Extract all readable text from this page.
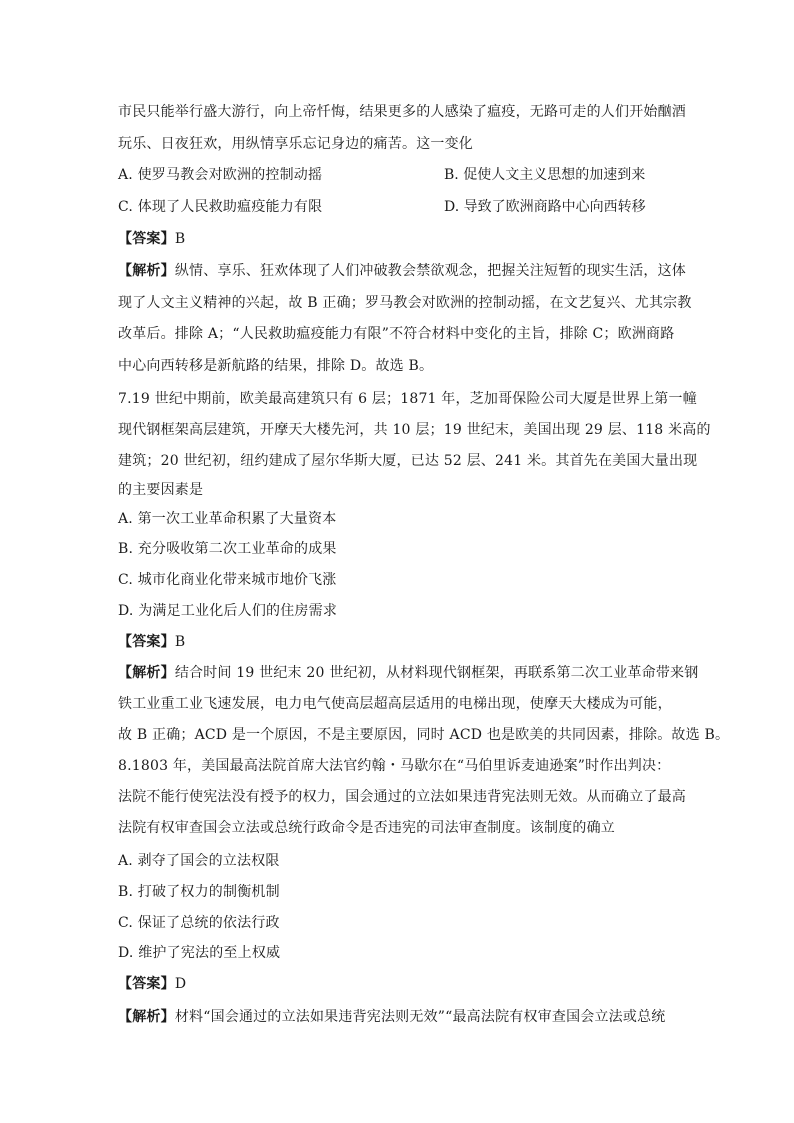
市民只能举行盛大游行，向上帝忏悔，结果更多的人感染了瘟疫，无路可走的人们开始酗酒
玩乐、日夜狂欢，用纵情享乐忘记身边的痛苦。这一变化
A. 使罗马教会对欧洲的控制动摇	B. 促使人文主义思想的加速到来
C. 体现了人民救助瘟疫能力有限	D. 导致了欧洲商路中心向西转移
【答案】B
【解析】纵情、享乐、狂欢体现了人们冲破教会禁欲观念，把握关注短暂的现实生活，这体
现了人文主义精神的兴起，故 B 正确；罗马教会对欧洲的控制动摇，在文艺复兴、尤其宗教
改革后。排除 A；“人民救助瘟疫能力有限”不符合材料中变化的主旨，排除 C；欧洲商路
中心向西转移是新航路的结果，排除 D。故选 B。
7.19 世纪中期前，欧美最高建筑只有 6 层；1871 年，芝加哥保险公司大厦是世界上第一幢
现代钢框架高层建筑，开摩天大楼先河，共 10 层；19 世纪末，美国出现 29 层、118 米高的
建筑；20 世纪初，纽约建成了屋尔华斯大厦，已达 52 层、241 米。其首先在美国大量出现
的主要因素是
A. 第一次工业革命积累了大量资本
B. 充分吸收第二次工业革命的成果
C. 城市化商业化带来城市地价飞涨
D. 为满足工业化后人们的住房需求
【答案】B
【解析】结合时间 19 世纪末 20 世纪初，从材料现代钢框架，再联系第二次工业革命带来钢
铁工业重工业飞速发展，电力电气使高层超高层适用的电梯出现，使摩天大楼成为可能，
故 B 正确；ACD 是一个原因，不是主要原因，同时 ACD 也是欧美的共同因素，排除。故选 B。
8.1803 年，美国最高法院首席大法官约翰・马歇尔在“马伯里诉麦迪逊案”时作出判决：
法院不能行使宪法没有授予的权力，国会通过的立法如果违背宪法则无效。从而确立了最高
法院有权审查国会立法或总统行政命令是否违宪的司法审查制度。该制度的确立
A. 剥夺了国会的立法权限
B. 打破了权力的制衡机制
C. 保证了总统的依法行政
D. 维护了宪法的至上权威
【答案】D
【解析】材料“国会通过的立法如果违背宪法则无效”“最高法院有权审查国会立法或总统
